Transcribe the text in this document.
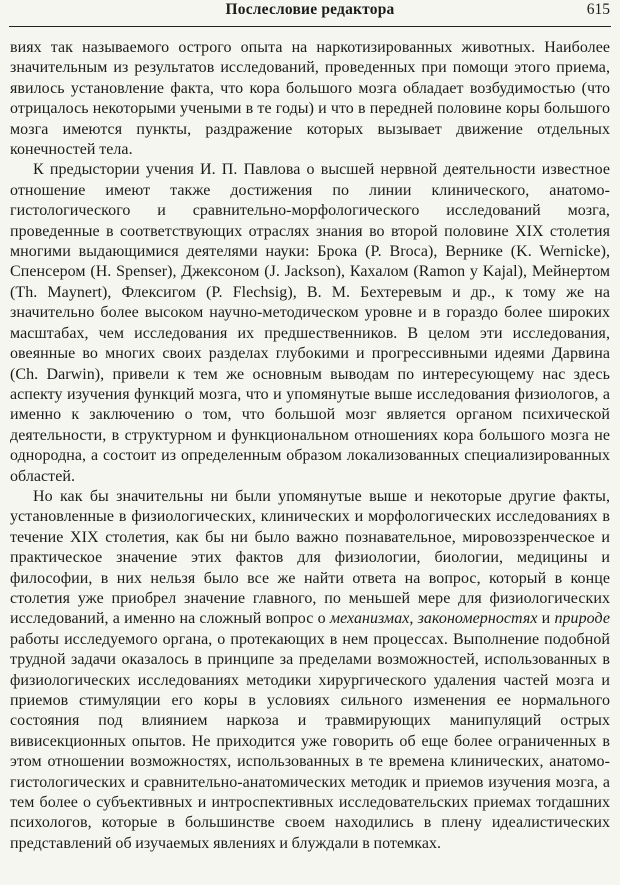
Послесловие редактора	615

виях так называемого острого опыта на наркотизированных животных. Наиболее значительным из результатов исследований, проведенных при помощи этого приема, явилось установление факта, что кора большого мозга обладает возбудимостью (что отрицалось некоторыми учеными в те годы) и что в передней половине коры большого мозга имеются пункты, раздражение которых вызывает движение отдельных конечностей тела.

К предыстории учения И. П. Павлова о высшей нервной деятельности известное отношение имеют также достижения по линии клинического, анатомо-гистологического и сравнительно-морфологического исследований мозга, проведенные в соответствующих отраслях знания во второй половине XIX столетия многими выдающимися деятелями науки: Брока (P. Broca), Вернике (K. Wernicke), Спенсером (H. Spenser), Джексоном (J. Jackson), Кахалом (Ramon y Kajal), Мейнертом (Th. Maynert), Флексигом (P. Flechsig), В. М. Бехтеревым и др., к тому же на значительно более высоком научно-методическом уровне и в гораздо более широких масштабах, чем исследования их предшественников. В целом эти исследования, овеянные во многих своих разделах глубокими и прогрессивными идеями Дарвина (Ch. Darwin), привели к тем же основным выводам по интересующему нас здесь аспекту изучения функций мозга, что и упомянутые выше исследования физиологов, а именно к заключению о том, что большой мозг является органом психической деятельности, в структурном и функциональном отношениях кора большого мозга не однородна, а состоит из определенным образом локализованных специализированных областей.

Но как бы значительны ни были упомянутые выше и некоторые другие факты, установленные в физиологических, клинических и морфологических исследованиях в течение XIX столетия, как бы ни было важно познавательное, мировоззренческое и практическое значение этих фактов для физиологии, биологии, медицины и философии, в них нельзя было все же найти ответа на вопрос, который в конце столетия уже приобрел значение главного, по меньшей мере для физиологических исследований, а именно на сложный вопрос о механизмах, закономерностях и природе работы исследуемого органа, о протекающих в нем процессах. Выполнение подобной трудной задачи оказалось в принципе за пределами возможностей, использованных в физиологических исследованиях методики хирургического удаления частей мозга и приемов стимуляции его коры в условиях сильного изменения ее нормального состояния под влиянием наркоза и травмирующих манипуляций острых вивисекционных опытов. Не приходится уже говорить об еще более ограниченных в этом отношении возможностях, использованных в те времена клинических, анатомо-гистологических и сравнительно-анатомических методик и приемов изучения мозга, а тем более о субъективных и интроспективных исследовательских приемах тогдашних психологов, которые в большинстве своем находились в плену идеалистических представлений об изучаемых явлениях и блуждали в потемках.
